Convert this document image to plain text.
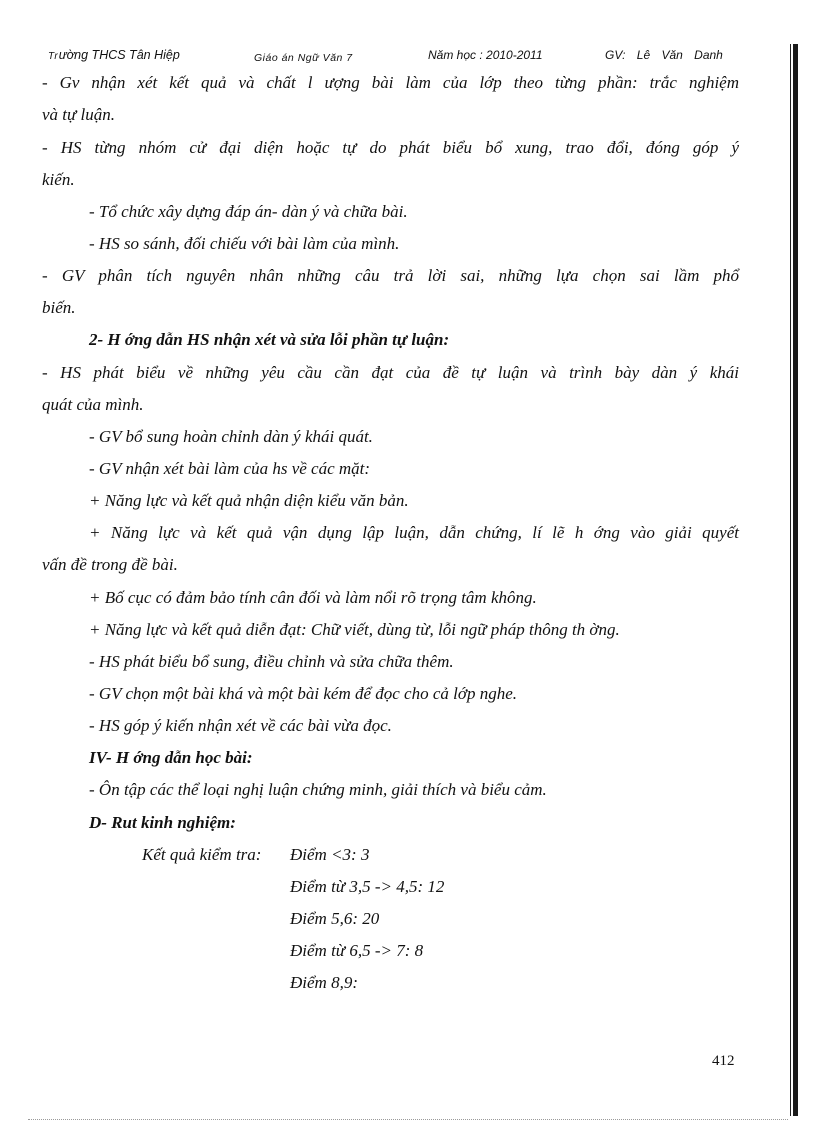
Trường THCS Tân Hiệp	Giáo án Ngữ Văn 7	Năm học : 2010-2011	GV: Lê Văn Danh
- Gv nhận xét kết quả và chất l ượng bài làm của lớp theo từng phần: trắc nghiệm
và tự luận.
- HS từng nhóm cử đại diện hoặc tự do phát biểu bổ xung, trao đổi, đóng góp ý
kiến.
- Tổ chức xây dựng đáp án- dàn ý và chữa bài.
- HS so sánh, đối chiếu với bài làm của mình.
- GV phân tích nguyên nhân những câu trả lời sai, những lựa chọn sai lầm phổ
biến.
2- H ớng dẫn HS nhận xét và sửa lỗi phần tự luận:
- HS phát biểu về những yêu cầu cần đạt của đề tự luận và trình bày dàn ý khái
quát của mình.
- GV bổ sung hoàn chỉnh dàn ý khái quát.
- GV nhận xét bài làm của hs về các mặt:
+ Năng lực và kết quả nhận diện kiểu văn bản.
+ Năng lực và kết quả vận dụng lập luận, dẫn chứng, lí lẽ h ớng vào giải quyết
vấn đề trong đề bài.
+ Bố cục có đảm bảo tính cân đối và làm nổi rõ trọng tâm không.
+ Năng lực và kết quả diễn đạt: Chữ viết, dùng từ, lỗi ngữ pháp thông th ờng.
- HS phát biểu bổ sung, điều chỉnh và sửa chữa thêm.
- GV chọn một bài khá và một bài kém để đọc cho cả lớp nghe.
- HS góp ý kiến nhận xét về các bài vừa đọc.
IV- H ớng dẫn học bài:
- Ôn tập các thể loại nghị luận chứng minh, giải thích và biểu cảm.
D- Rut kinh nghiệm:
Kết quả kiểm tra: Điểm <3: 3
Điểm từ 3,5 -> 4,5: 12
Điểm 5,6: 20
Điểm từ 6,5 -> 7: 8
Điểm 8,9:
412
